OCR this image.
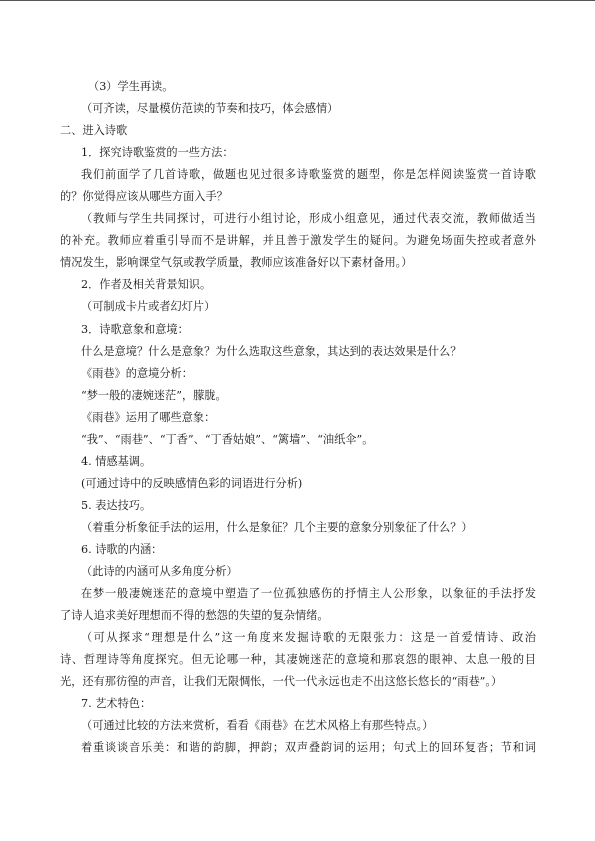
（3）学生再读。
（可齐读，尽量模仿范读的节奏和技巧，体会感情）
二、进入诗歌
1．探究诗歌鉴赏的一些方法：
我们前面学了几首诗歌，做题也见过很多诗歌鉴赏的题型，你是怎样阅读鉴赏一首诗歌
的？你觉得应该从哪些方面入手？
（教师与学生共同探讨，可进行小组讨论，形成小组意见，通过代表交流，教师做适当
的补充。教师应着重引导而不是讲解，并且善于激发学生的疑问。为避免场面失控或者意外
情况发生，影响课堂气氛或教学质量，教师应该准备好以下素材备用。）
2．作者及相关背景知识。
（可制成卡片或者幻灯片）
3．诗歌意象和意境：
什么是意境？什么是意象？为什么选取这些意象，其达到的表达效果是什么？
《雨巷》的意境分析：
“梦一般的凄婉迷茫”，朦胧。
《雨巷》运用了哪些意象：
“我”、“雨巷”、“丁香”、“丁香姑娘”、“篱墙”、“油纸伞”。
4. 情感基调。
(可通过诗中的反映感情色彩的词语进行分析)
5. 表达技巧。
（着重分析象征手法的运用，什么是象征？几个主要的意象分别象征了什么？）
6. 诗歌的内涵：
（此诗的内涵可从多角度分析）
在梦一般凄婉迷茫的意境中塑造了一位孤独感伤的抒情主人公形象，以象征的手法抒发
了诗人追求美好理想而不得的愁怨的失望的复杂情绪。
（可从探求“理想是什么”这一角度来发掘诗歌的无限张力：这是一首爱情诗、政治
诗、哲理诗等角度探究。但无论哪一种，其凄婉迷茫的意境和那哀怨的眼神、太息一般的目
光，还有那彷徨的声音，让我们无限惆怅，一代一代永远也走不出这悠长悠长的“雨巷”。）
7. 艺术特色：
（可通过比较的方法来赏析，看看《雨巷》在艺术风格上有那些特点。）
着重谈谈音乐美：和谐的韵脚，押韵；双声叠韵词的运用；句式上的回环复沓；节和词
